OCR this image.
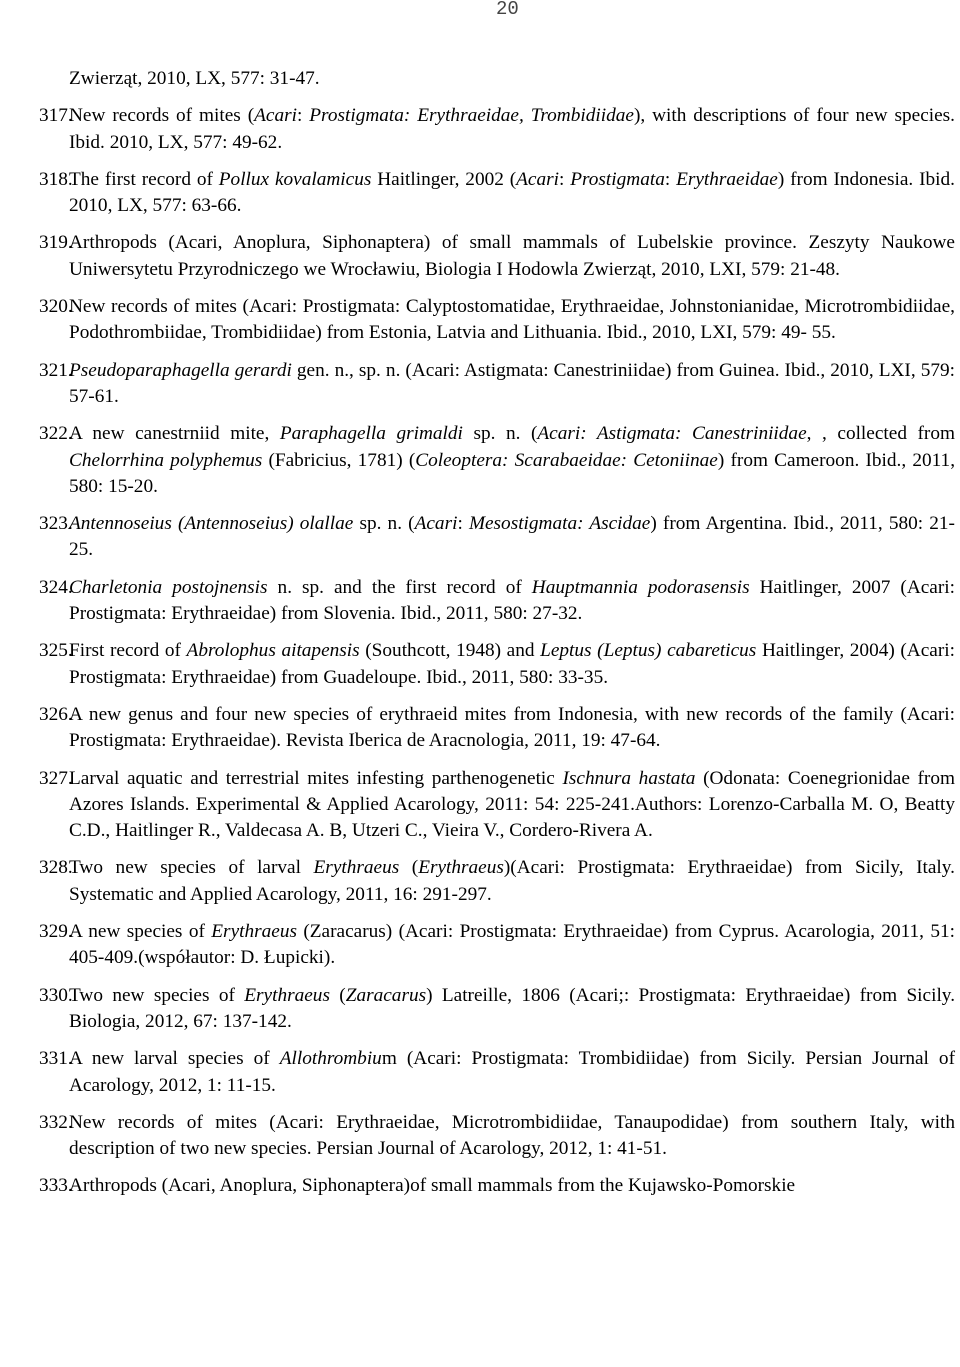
20
Zwierząt, 2010, LX, 577: 31-47.
317.
New records of mites (Acari: Prostigmata: Erythraeidae, Trombidiidae), with descriptions of four new species. Ibid. 2010, LX, 577: 49-62.
318.
The first record of Pollux kovalamicus Haitlinger, 2002 (Acari: Prostigmata: Erythraeidae) from Indonesia. Ibid. 2010, LX, 577: 63-66.
319.
Arthropods (Acari, Anoplura, Siphonaptera) of small mammals of Lubelskie province. Zeszyty Naukowe Uniwersytetu Przyrodniczego we Wrocławiu, Biologia I Hodowla Zwierząt, 2010, LXI, 579: 21-48.
320.
New records of mites (Acari: Prostigmata: Calyptostomatidae, Erythraeidae, Johnstonianidae, Microtrombidiidae, Podothrombiidae, Trombidiidae) from Estonia, Latvia and Lithuania. Ibid., 2010, LXI, 579: 49- 55.
321.
Pseudoparaphagella gerardi gen. n., sp. n. (Acari: Astigmata: Canestriniidae) from Guinea. Ibid., 2010, LXI, 579: 57-61.
322.
A new canestrniid mite, Paraphagella grimaldi sp. n. (Acari: Astigmata: Canestriniidae, , collected from Chelorrhina polyphemus (Fabricius, 1781) (Coleoptera: Scarabaeidae: Cetoniinae) from Cameroon. Ibid., 2011, 580: 15-20.
323.
Antennoseius (Antennoseius) olallae sp. n. (Acari: Mesostigmata: Ascidae) from Argentina. Ibid., 2011, 580: 21-25.
324.
Charletonia postojnensis n. sp. and the first record of Hauptmannia podorasensis Haitlinger, 2007 (Acari: Prostigmata: Erythraeidae) from Slovenia. Ibid., 2011, 580: 27-32.
325.
First record of Abrolophus aitapensis (Southcott, 1948) and Leptus (Leptus) cabareticus Haitlinger, 2004) (Acari: Prostigmata: Erythraeidae) from Guadeloupe. Ibid., 2011, 580: 33-35.
326.
A new genus and four new species of erythraeid mites from Indonesia, with new records of the family (Acari: Prostigmata: Erythraeidae). Revista Iberica de Aracnologia, 2011, 19: 47-64.
327.
Larval aquatic and terrestrial mites infesting parthenogenetic Ischnura hastata (Odonata: Coenegrionidae from Azores Islands. Experimental & Applied Acarology, 2011: 54: 225-241.Authors: Lorenzo-Carballa M. O, Beatty C.D., Haitlinger R., Valdecasa A. B, Utzeri C., Vieira V., Cordero-Rivera A.
328.
Two new species of larval Erythraeus (Erythraeus)(Acari: Prostigmata: Erythraeidae) from Sicily, Italy. Systematic and Applied Acarology, 2011, 16: 291-297.
329.
A new species of Erythraeus (Zaracarus) (Acari: Prostigmata: Erythraeidae) from Cyprus. Acarologia, 2011, 51: 405-409.(współautor: D. Łupicki).
330.
Two new species of Erythraeus (Zaracarus) Latreille, 1806 (Acari;: Prostigmata: Erythraeidae) from Sicily. Biologia, 2012, 67: 137-142.
331.
A new larval species of Allothrombium (Acari: Prostigmata: Trombidiidae) from Sicily. Persian Journal of Acarology, 2012, 1: 11-15.
332.
New records of mites (Acari: Erythraeidae, Microtrombidiidae, Tanaupodidae) from southern Italy, with description of two new species. Persian Journal of Acarology, 2012, 1: 41-51.
333.
Arthropods (Acari, Anoplura, Siphonaptera)of small mammals from the Kujawsko-Pomorskie
